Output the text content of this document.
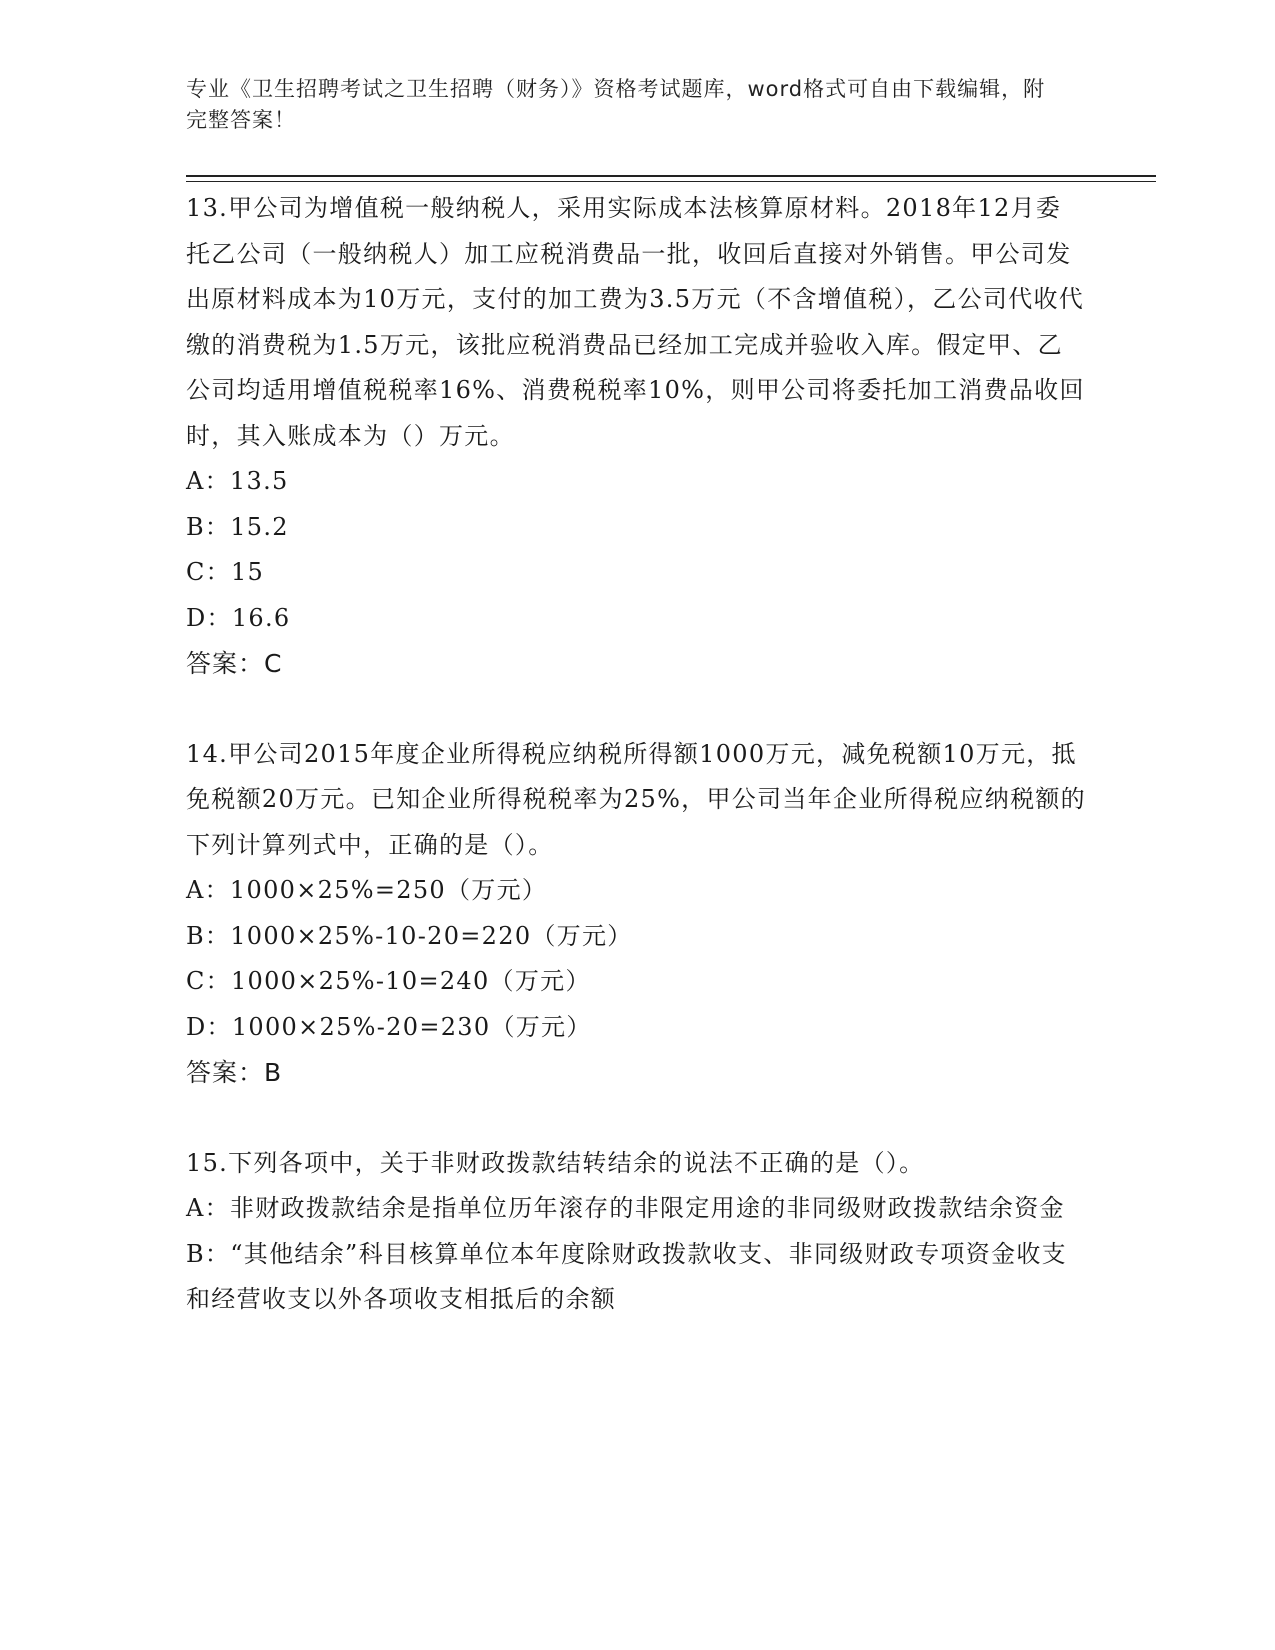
专业《卫生招聘考试之卫生招聘（财务）》资格考试题库，word格式可自由下载编辑，附完整答案！

13.甲公司为增值税一般纳税人，采用实际成本法核算原材料。2018年12月委托乙公司（一般纳税人）加工应税消费品一批，收回后直接对外销售。甲公司发出原材料成本为10万元，支付的加工费为3.5万元（不含增值税），乙公司代收代缴的消费税为1.5万元，该批应税消费品已经加工完成并验收入库。假定甲、乙公司均适用增值税税率16%、消费税税率10%，则甲公司将委托加工消费品收回时，其入账成本为（）万元。

A：13.5

B：15.2

C：15

D：16.6

答案：C

14.甲公司2015年度企业所得税应纳税所得额1000万元，减免税额10万元，抵免税额20万元。已知企业所得税税率为25%，甲公司当年企业所得税应纳税额的下列计算列式中，正确的是（）。

A：1000×25%=250（万元）

B：1000×25%-10-20=220（万元）

C：1000×25%-10=240（万元）

D：1000×25%-20=230（万元）

答案：B

15.下列各项中，关于非财政拨款结转结余的说法不正确的是（）。

A：非财政拨款结余是指单位历年滚存的非限定用途的非同级财政拨款结余资金

B：“其他结余”科目核算单位本年度除财政拨款收支、非同级财政专项资金收支和经营收支以外各项收支相抵后的余额
